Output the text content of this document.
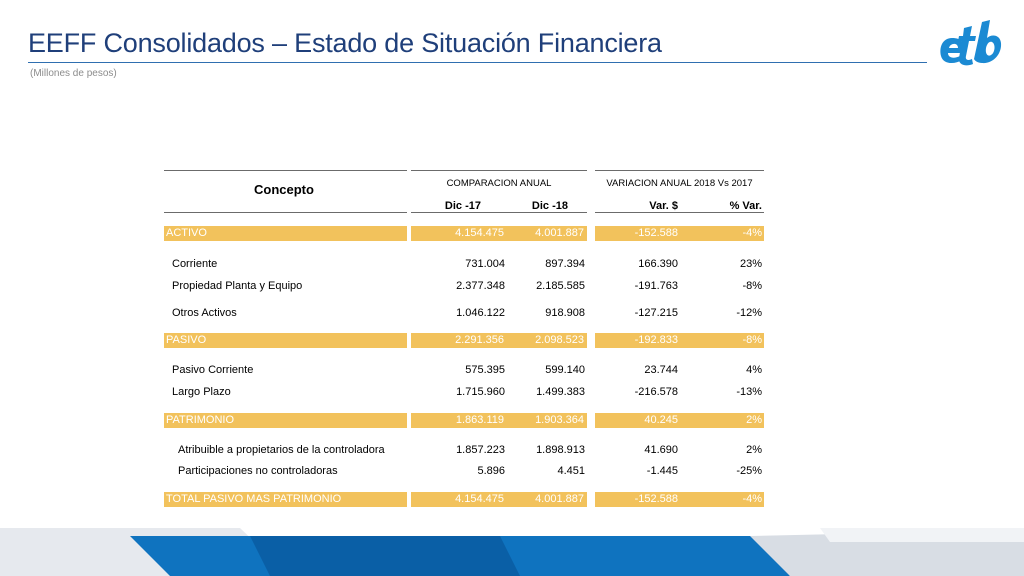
EEFF Consolidados – Estado de Situación Financiera
(Millones de pesos)
Concepto	COMPARACION ANUAL	VARIACION ANUAL 2018 Vs 2017
Dic -17	Dic -18	Var. $	% Var.
ACTIVO	4.154.475	4.001.887	-152.588	-4%
Corriente	731.004	897.394	166.390	23%
Propiedad Planta y Equipo	2.377.348	2.185.585	-191.763	-8%
Otros Activos	1.046.122	918.908	-127.215	-12%
PASIVO	2.291.356	2.098.523	-192.833	-8%
Pasivo Corriente	575.395	599.140	23.744	4%
Largo Plazo	1.715.960	1.499.383	-216.578	-13%
PATRIMONIO	1.863.119	1.903.364	40.245	2%
Atribuible a propietarios de la controladora	1.857.223	1.898.913	41.690	2%
Participaciones no controladoras	5.896	4.451	-1.445	-25%
TOTAL PASIVO MAS PATRIMONIO	4.154.475	4.001.887	-152.588	-4%
